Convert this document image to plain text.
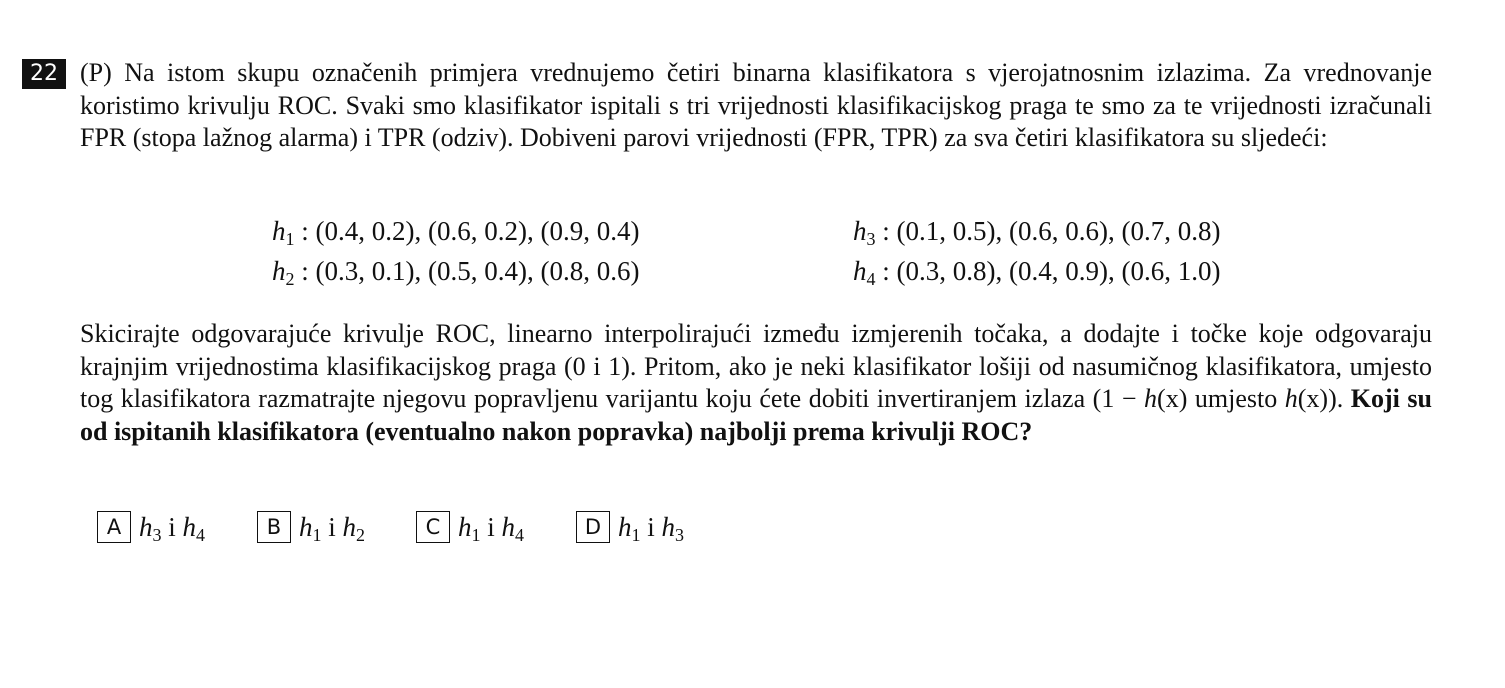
22 (P) Na istom skupu označenih primjera vrednujemo četiri binarna klasifikatora s vjerojatnosnim izlazima. Za vrednovanje koristimo krivulju ROC. Svaki smo klasifikator ispitali s tri vrijednosti klasifikacijskog praga te smo za te vrijednosti izračunali FPR (stopa lažnog alarma) i TPR (odziv). Dobiveni parovi vrijednosti (FPR, TPR) za sva četiri klasifikatora su sljedeći:
$h_1$ : (0.4, 0.2), (0.6, 0.2), (0.9, 0.4)
$h_2$ : (0.3, 0.1), (0.5, 0.4), (0.8, 0.6)
$h_3$ : (0.1, 0.5), (0.6, 0.6), (0.7, 0.8)
$h_4$ : (0.3, 0.8), (0.4, 0.9), (0.6, 1.0)
Skicirajte odgovarajuće krivulje ROC, linearno interpolirajući između izmjerenih točaka, a dodajte i točke koje odgovaraju krajnjim vrijednostima klasifikacijskog praga (0 i 1). Pritom, ako je neki klasifikator lošiji od nasumičnog klasifikatora, umjesto tog klasifikatora razmatrajte njegovu popravljenu varijantu koju ćete dobiti invertiranjem izlaza (1 − h(x) umjesto h(x)). Koji su od ispitanih klasifikatora (eventualno nakon popravka) najbolji prema krivulji ROC?
A $h_3$ i $h_4$	B $h_1$ i $h_2$	C $h_1$ i $h_4$	D $h_1$ i $h_3$
